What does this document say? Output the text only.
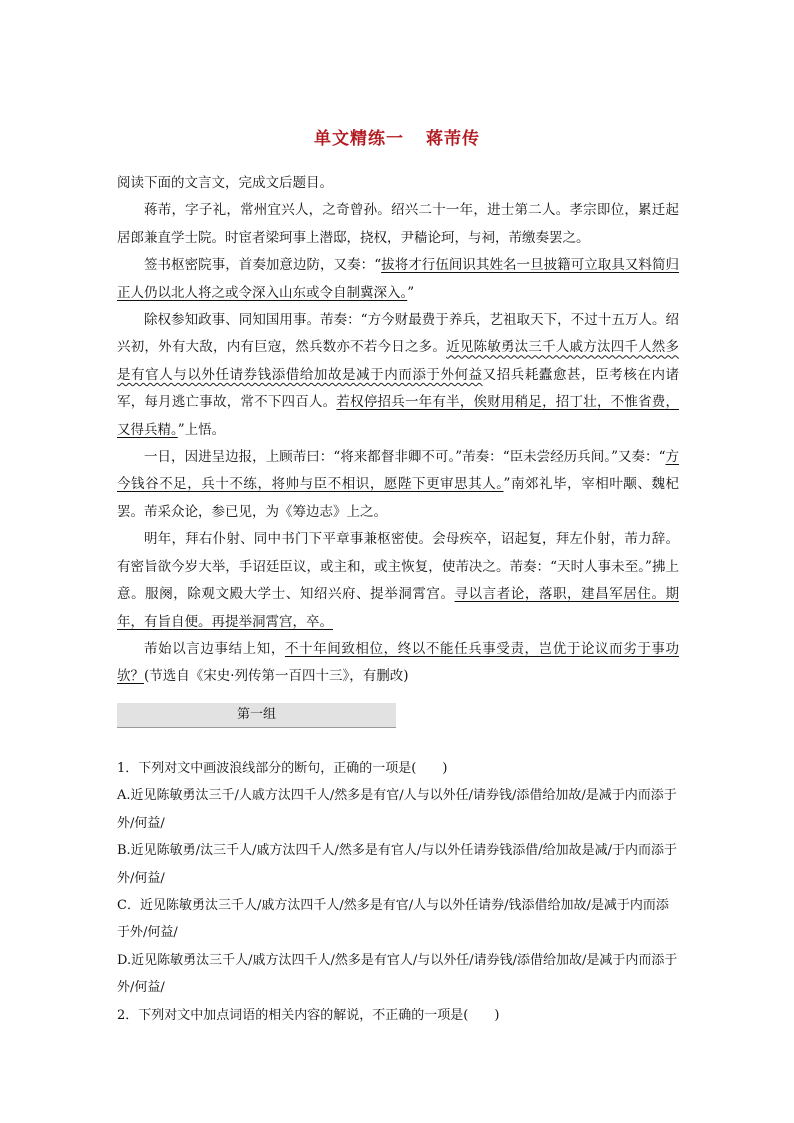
单文精练一 蒋芾传

阅读下面的文言文，完成文后题目。

蒋芾，字子礼，常州宜兴人，之奇曾孙。绍兴二十一年，进士第二人。孝宗即位，累迁起居郎兼直学士院。时宦者梁珂事上潜邸，挠权，尹穑论珂，与祠，芾缴奏罢之。

签书枢密院事，首奏加意边防，又奏：“拔将才行伍间识其姓名一旦披籍可立取具又料简归正人仍以北人将之或令深入山东或令自制冀深入。”

除权参知政事、同知国用事。芾奏：“方今财最费于养兵，艺祖取天下，不过十五万人。绍兴初，外有大敌，内有巨寇，然兵数亦不若今日之多。近见陈敏勇汰三千人戚方汰四千人然多是有官人与以外任请券钱添借给加故是减于内而添于外何益又招兵耗蠹愈甚，臣考核在内诸军，每月逃亡事故，常不下四百人。若权停招兵一年有半，俟财用稍足，招丁壮，不惟省费，又得兵精。”上悟。

一日，因进呈边报，上顾芾曰：“将来都督非卿不可。”芾奏：“臣未尝经历兵间。”又奏：“方今钱谷不足，兵十不练，将帅与臣不相识，愿陛下更审思其人。”南郊礼毕，宰相叶颙、魏杞罢。芾采众论，参已见，为《筹边志》上之。

明年，拜右仆射、同中书门下平章事兼枢密使。会母疾卒，诏起复，拜左仆射，芾力辞。有密旨欲今岁大举，手诏廷臣议，或主和，或主恢复，使芾决之。芾奏：“天时人事未至。”拂上意。服阕，除观文殿大学士、知绍兴府、提举洞霄宫。寻以言者论，落职，建昌军居住。期年，有旨自便。再提举洞霄宫，卒。

芾始以言边事结上知，不十年间致相位，终以不能任兵事受责，岂优于论议而劣于事功欤？(节选自《宋史·列传第一百四十三》，有删改)

第一组

1．下列对文中画波浪线部分的断句，正确的一项是(　　)

A.近见陈敏勇汰三千/人戚方汰四千人/然多是有官/人与以外任/请券钱/添借给加故/是减于内而添于外/何益/

B.近见陈敏勇/汰三千人/戚方汰四千人/然多是有官人/与以外任请券钱添借/给加故是减/于内而添于外/何益/

C．近见陈敏勇汰三千人/戚方汰四千人/然多是有官/人与以外任请券/钱添借给加故/是减于内而添于外/何益/

D.近见陈敏勇汰三千人/戚方汰四千人/然多是有官人/与以外任/请券钱/添借给加故/是减于内而添于外/何益/

2．下列对文中加点词语的相关内容的解说，不正确的一项是(　　)
